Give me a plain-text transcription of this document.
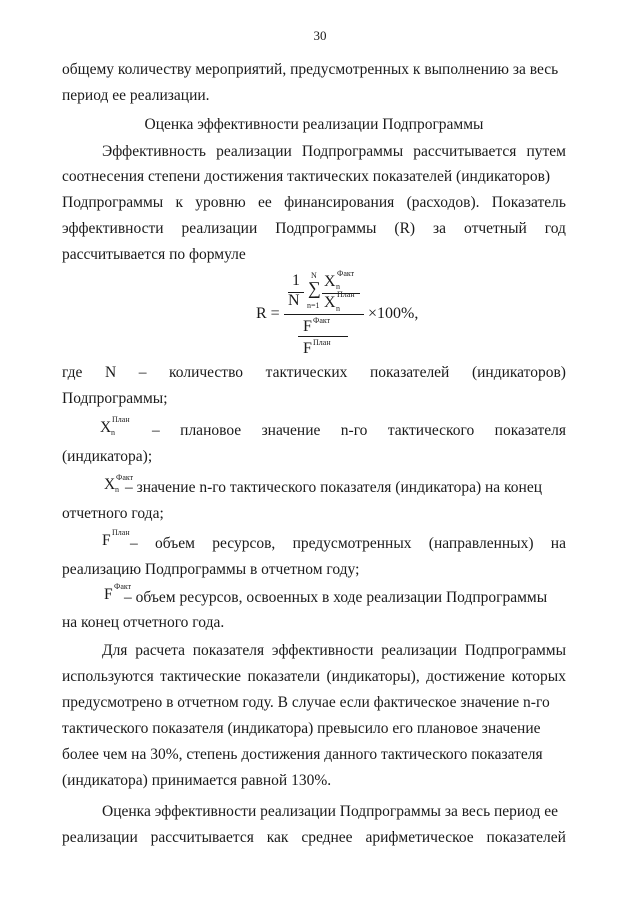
30
общему количеству мероприятий, предусмотренных к выполнению за весь
период ее реализации.
Оценка эффективности реализации Подпрограммы
Эффективность реализации Подпрограммы рассчитывается путем
соотнесения степени достижения тактических показателей (индикаторов)
Подпрограммы к уровню ее финансирования (расходов). Показатель
эффективности реализации Подпрограммы (R) за отчетный год
рассчитывается по формуле
где N – количество тактических показателей (индикаторов)
Подпрограммы;
– плановое значение n-го тактического показателя
(индикатора);
– значение n-го тактического показателя (индикатора) на конец
отчетного года;
– объем ресурсов, предусмотренных (направленных) на
реализацию Подпрограммы в отчетном году;
– объем ресурсов, освоенных в ходе реализации Подпрограммы
на конец отчетного года.
Для расчета показателя эффективности реализации Подпрограммы
используются тактические показатели (индикаторы), достижение которых
предусмотрено в отчетном году. В случае если фактическое значение n-го
тактического показателя (индикатора) превысило его плановое значение
более чем на 30%, степень достижения данного тактического показателя
(индикатора) принимается равной 130%.
Оценка эффективности реализации Подпрограммы за весь период ее
реализации рассчитывается как среднее арифметическое показателей
R =
1
N
N
∑
n=1
X Факт
n
X План
n ×100%,
F Факт
F План
X План
n
X Факт
n
F План
F Факт
